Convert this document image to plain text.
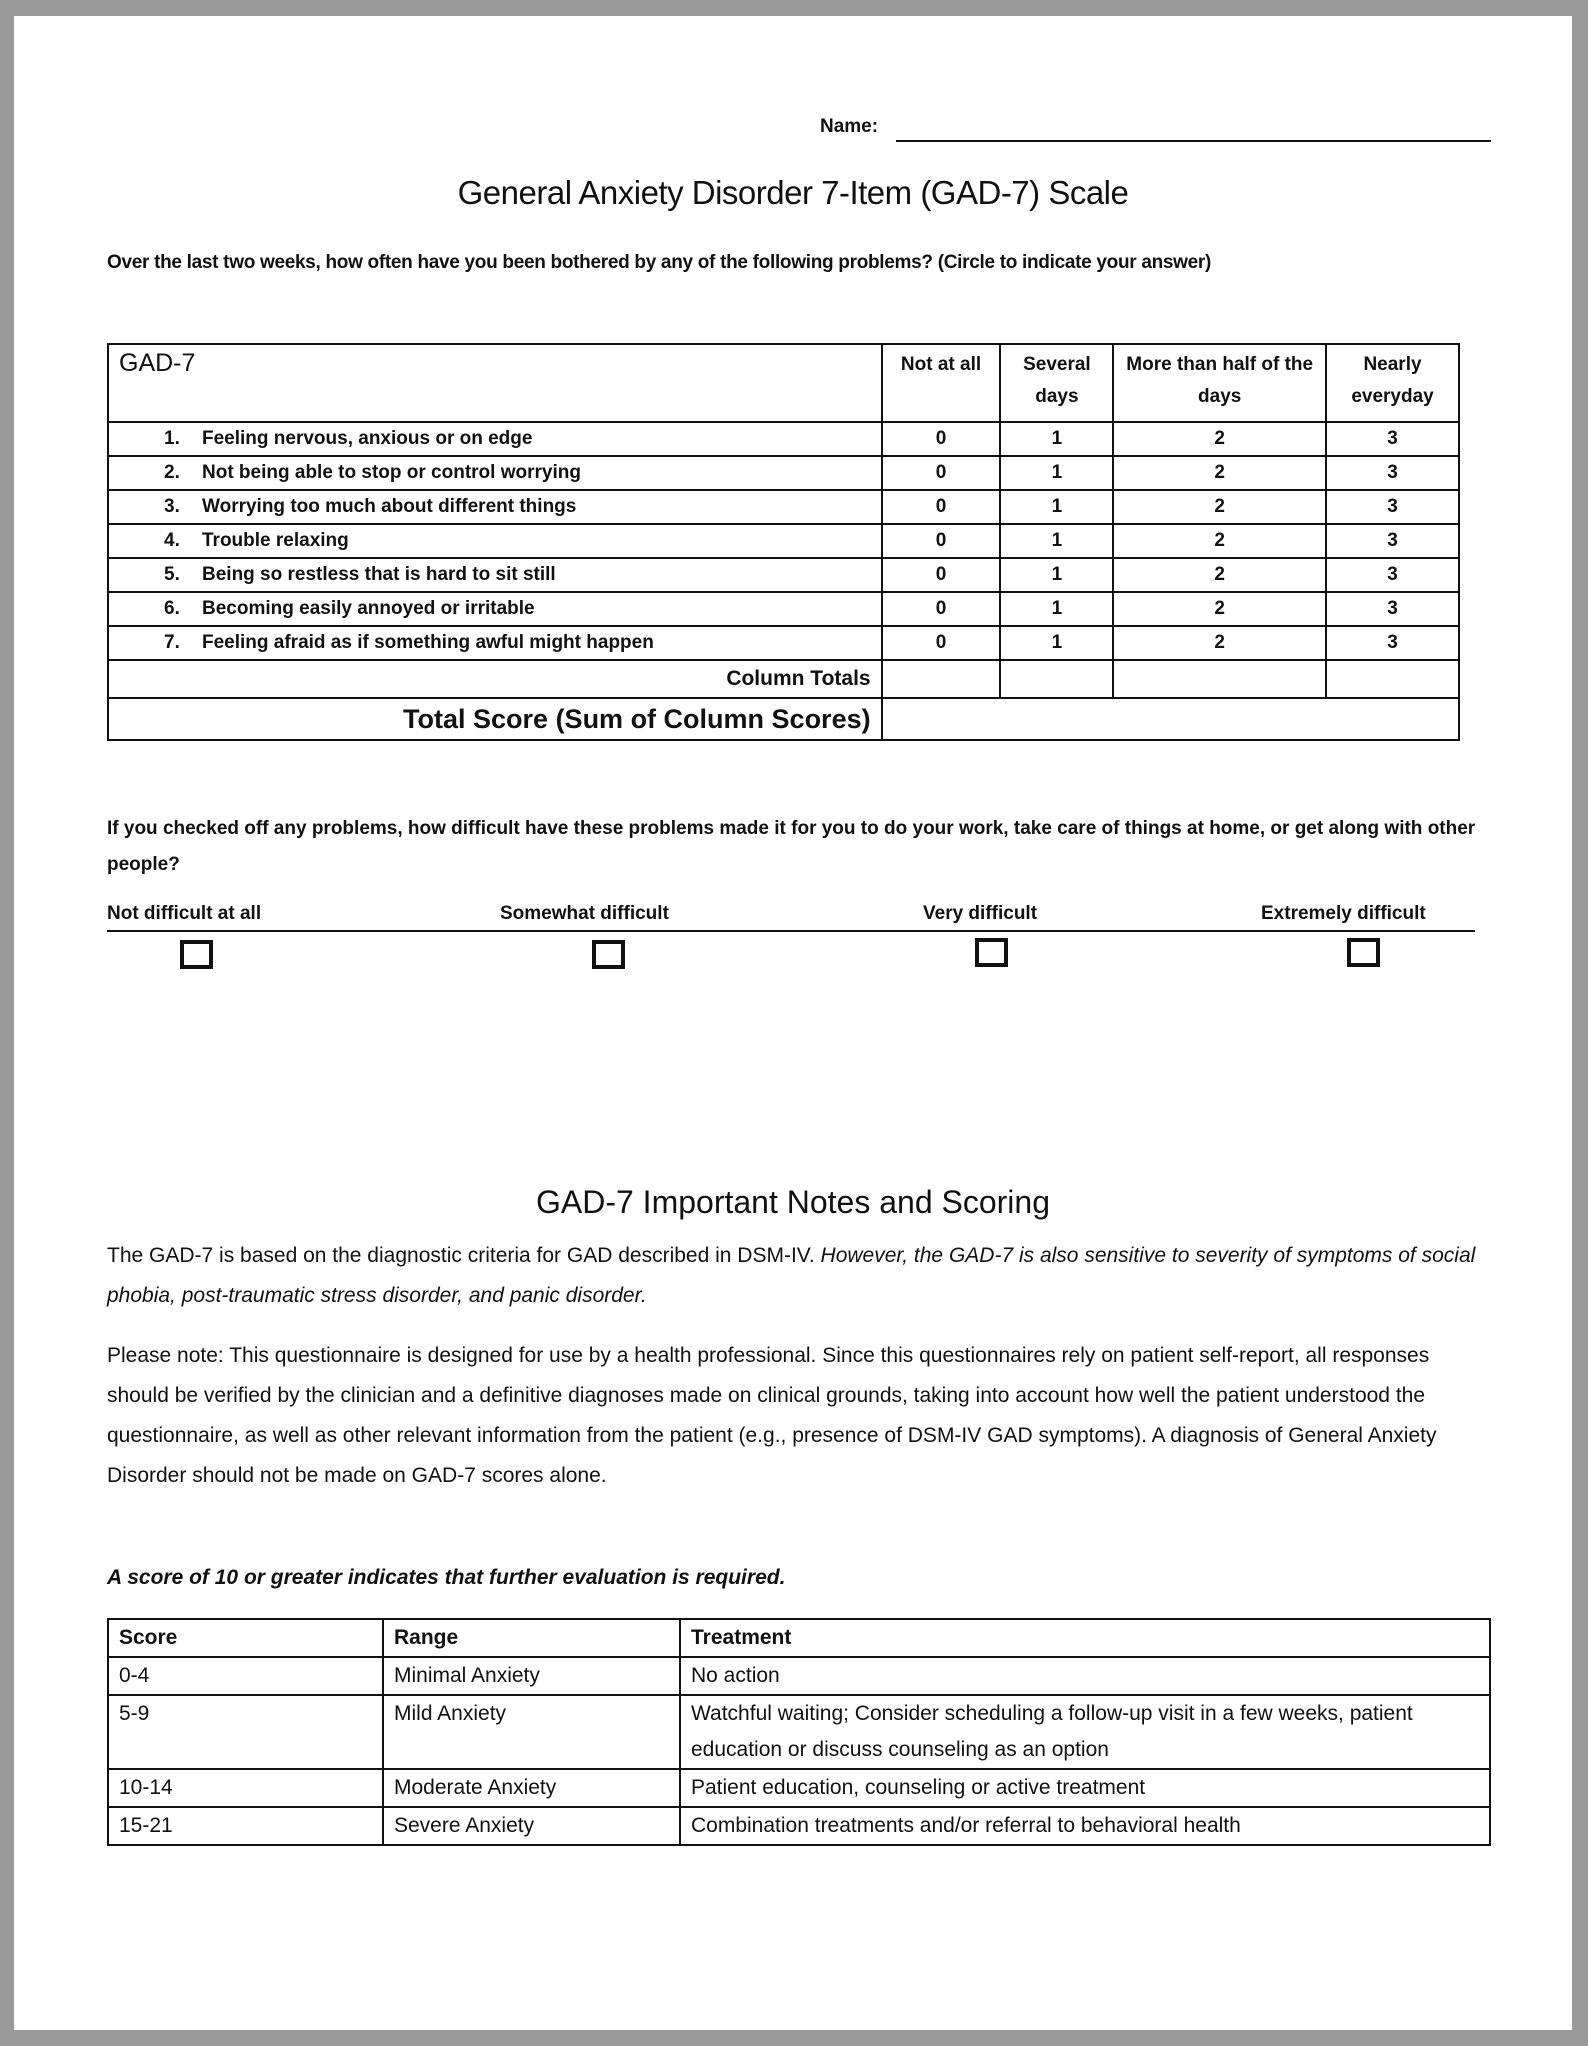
Name:
General Anxiety Disorder 7-Item (GAD-7) Scale
Over the last two weeks, how often have you been bothered by any of the following problems? (Circle to indicate your answer)
GAD-7	Not at all	Several days	More than half of the days	Nearly everyday
1. Feeling nervous, anxious or on edge	0	1	2	3
2. Not being able to stop or control worrying	0	1	2	3
3. Worrying too much about different things	0	1	2	3
4. Trouble relaxing	0	1	2	3
5. Being so restless that is hard to sit still	0	1	2	3
6. Becoming easily annoyed or irritable	0	1	2	3
7. Feeling afraid as if something awful might happen	0	1	2	3
Column Totals				
Total Score (Sum of Column Scores)				
If you checked off any problems, how difficult have these problems made it for you to do your work, take care of things at home, or get along with other people?
Not difficult at all	Somewhat difficult	Very difficult	Extremely difficult
GAD-7 Important Notes and Scoring
The GAD-7 is based on the diagnostic criteria for GAD described in DSM-IV. However, the GAD-7 is also sensitive to severity of symptoms of social phobia, post-traumatic stress disorder, and panic disorder.
Please note: This questionnaire is designed for use by a health professional. Since this questionnaires rely on patient self-report, all responses should be verified by the clinician and a definitive diagnoses made on clinical grounds, taking into account how well the patient understood the questionnaire, as well as other relevant information from the patient (e.g., presence of DSM-IV GAD symptoms). A diagnosis of General Anxiety Disorder should not be made on GAD-7 scores alone.
A score of 10 or greater indicates that further evaluation is required.
Score	Range	Treatment
0-4	Minimal Anxiety	No action
5-9	Mild Anxiety	Watchful waiting; Consider scheduling a follow-up visit in a few weeks, patient education or discuss counseling as an option
10-14	Moderate Anxiety	Patient education, counseling or active treatment
15-21	Severe Anxiety	Combination treatments and/or referral to behavioral health
